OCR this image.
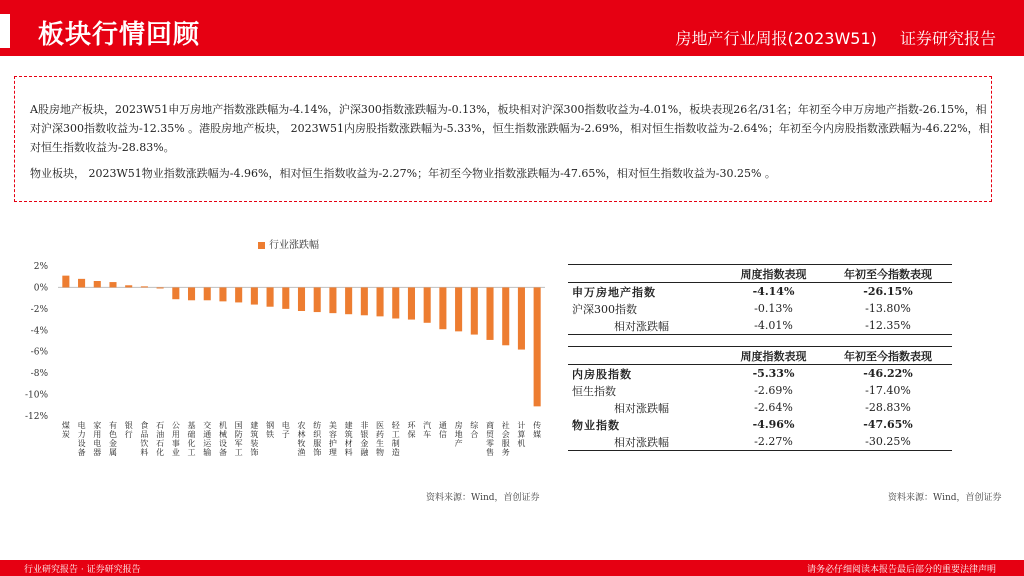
板块行情回顾	房地产行业周报(2023W51) 证券研究报告
A股房地产板块，2023W51申万房地产指数涨跌幅为-4.14%，沪深300指数涨跌幅为-0.13%，板块相对沪深300指数收益为-4.01%，板块表现26名/31名；年初至今申万房地产指数-26.15%，相对沪深300指数收益为-12.35% 。港股房地产板块， 2023W51内房股指数涨跌幅为-5.33%，恒生指数涨跌幅为-2.69%，相对恒生指数收益为-2.64%；年初至今内房股指数涨跌幅为-46.22%，相对恒生指数收益为-28.83%。
物业板块， 2023W51物业指数涨跌幅为-4.96%，相对恒生指数收益为-2.27%；年初至今物业指数涨跌幅为-47.65%，相对恒生指数收益为-30.25% 。
行业涨跌幅
2%
0%
-2%
-4%
-6%
-8%
-10%
-12%
煤炭
电力设备
家用电器
有色金属
银行
食品饮料
石油石化
公用事业
基础化工
交通运输
机械设备
国防军工
建筑装饰
钢铁
电子
农林牧渔
纺织服饰
美容护理
建筑材料
非银金融
医药生物
轻工制造
环保
汽车
通信
房地产
综合
商贸零售
社会服务
计算机
传媒
资料来源：Wind，首创证券
	周度指数表现	年初至今指数表现
申万房地产指数	-4.14%	-26.15%
沪深300指数	-0.13%	-13.80%
相对涨跌幅	-4.01%	-12.35%
	周度指数表现	年初至今指数表现
内房股指数	-5.33%	-46.22%
恒生指数	-2.69%	-17.40%
相对涨跌幅	-2.64%	-28.83%
物业指数	-4.96%	-47.65%
相对涨跌幅	-2.27%	-30.25%
资料来源：Wind，首创证券
行业研究报告 · 证券研究报告	请务必仔细阅读本报告最后部分的重要法律声明
